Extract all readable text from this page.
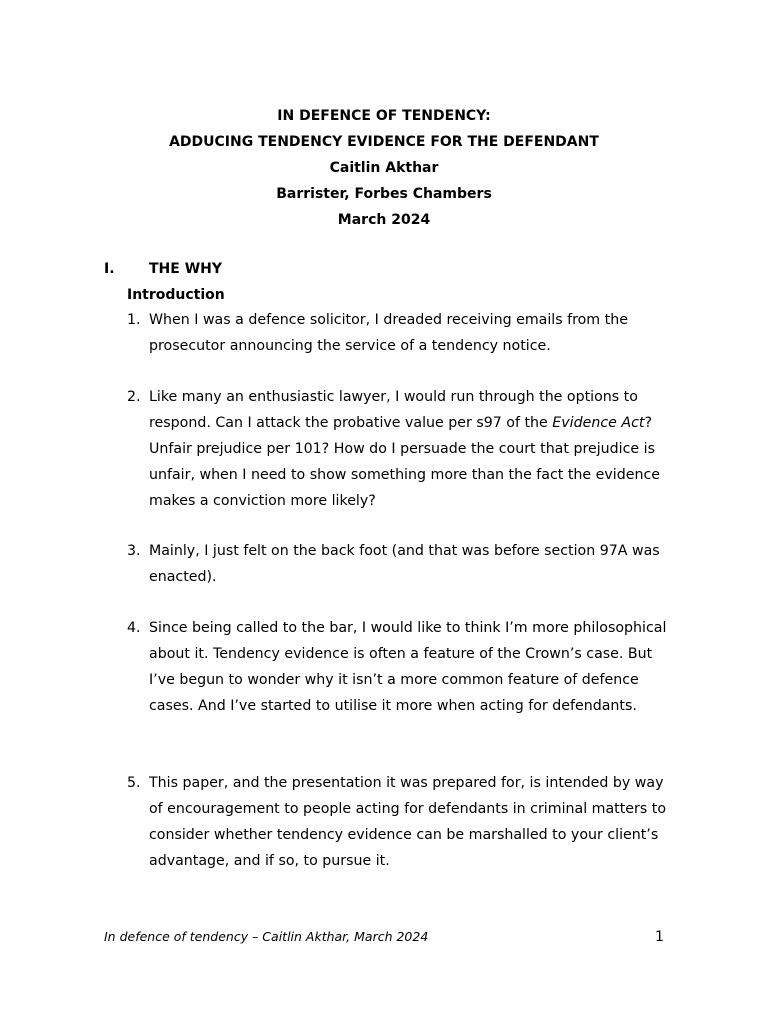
IN DEFENCE OF TENDENCY:
ADDUCING TENDENCY EVIDENCE FOR THE DEFENDANT
Caitlin Akthar
Barrister, Forbes Chambers
March 2024
I. THE WHY
Introduction
1. When I was a defence solicitor, I dreaded receiving emails from the prosecutor announcing the service of a tendency notice.
2. Like many an enthusiastic lawyer, I would run through the options to respond. Can I attack the probative value per s97 of the Evidence Act? Unfair prejudice per 101? How do I persuade the court that prejudice is unfair, when I need to show something more than the fact the evidence makes a conviction more likely?
3. Mainly, I just felt on the back foot (and that was before section 97A was enacted).
4. Since being called to the bar, I would like to think I’m more philosophical about it. Tendency evidence is often a feature of the Crown’s case. But I’ve begun to wonder why it isn’t a more common feature of defence cases. And I’ve started to utilise it more when acting for defendants.
5. This paper, and the presentation it was prepared for, is intended by way of encouragement to people acting for defendants in criminal matters to consider whether tendency evidence can be marshalled to your client’s advantage, and if so, to pursue it.
In defence of tendency – Caitlin Akthar, March 2024	1
